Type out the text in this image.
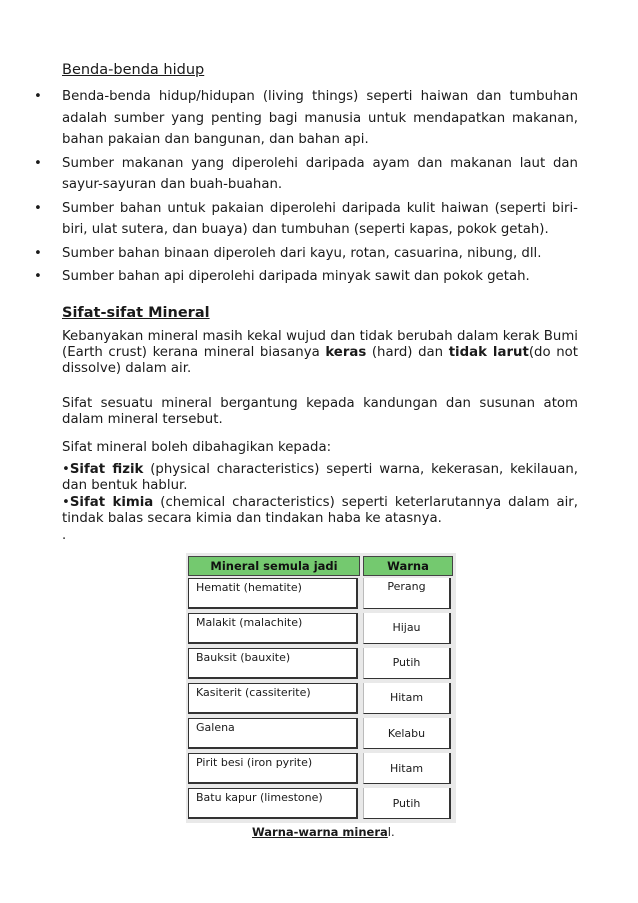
Benda-benda hidup
• Benda-benda hidup/hidupan (living things) seperti haiwan dan tumbuhan adalah sumber yang penting bagi manusia untuk mendapatkan makanan, bahan pakaian dan bangunan, dan bahan api.
• Sumber makanan yang diperolehi daripada ayam dan makanan laut dan sayur-sayuran dan buah-buahan.
• Sumber bahan untuk pakaian diperolehi daripada kulit haiwan (seperti biri-biri, ulat sutera, dan buaya) dan tumbuhan (seperti kapas, pokok getah).
• Sumber bahan binaan diperoleh dari kayu, rotan, casuarina, nibung, dll.
• Sumber bahan api diperolehi daripada minyak sawit dan pokok getah.
Sifat-sifat Mineral
Kebanyakan mineral masih kekal wujud dan tidak berubah dalam kerak Bumi (Earth crust) kerana mineral biasanya keras (hard) dan tidak larut(do not dissolve) dalam air.
Sifat sesuatu mineral bergantung kepada kandungan dan susunan atom dalam mineral tersebut.
Sifat mineral boleh dibahagikan kepada:
•Sifat fizik (physical characteristics) seperti warna, kekerasan, kekilauan, dan bentuk hablur.
•Sifat kimia (chemical characteristics) seperti keterlarutannya dalam air, tindak balas secara kimia dan tindakan haba ke atasnya.
.
Mineral semula jadi	Warna
Hematit (hematite)	Perang
Malakit (malachite)	Hijau
Bauksit (bauxite)	Putih
Kasiterit (cassiterite)	Hitam
Galena	Kelabu
Pirit besi (iron pyrite)	Hitam
Batu kapur (limestone)	Putih
Warna-warna mineral.
